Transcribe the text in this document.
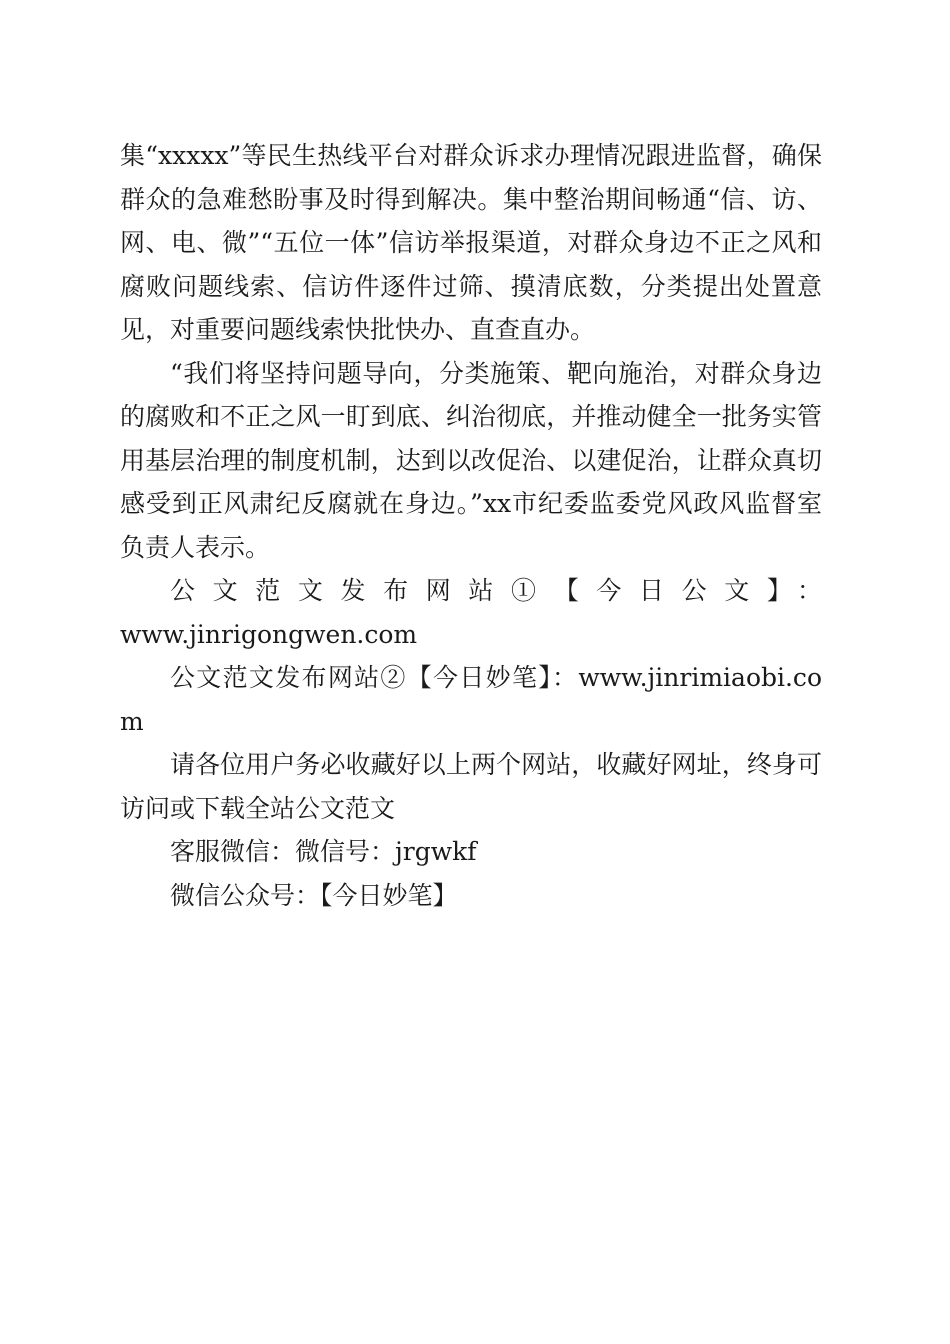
集“xxxxx”等民生热线平台对群众诉求办理情况跟进监督，确保群众的急难愁盼事及时得到解决。集中整治期间畅通“信、访、网、电、微”“五位一体”信访举报渠道，对群众身边不正之风和腐败问题线索、信访件逐件过筛、摸清底数，分类提出处置意见，对重要问题线索快批快办、直查直办。

“我们将坚持问题导向，分类施策、靶向施治，对群众身边的腐败和不正之风一盯到底、纠治彻底，并推动健全一批务实管用基层治理的制度机制，达到以改促治、以建促治，让群众真切感受到正风肃纪反腐就在身边。”xx市纪委监委党风政风监督室负责人表示。

公文范文发布网站①【今日公文】：

www.jinrigongwen.com

公文范文发布网站②【今日妙笔】：www.jinrimiaobi.com

请各位用户务必收藏好以上两个网站，收藏好网址，终身可访问或下载全站公文范文

客服微信：微信号：jrgwkf

微信公众号：【今日妙笔】
